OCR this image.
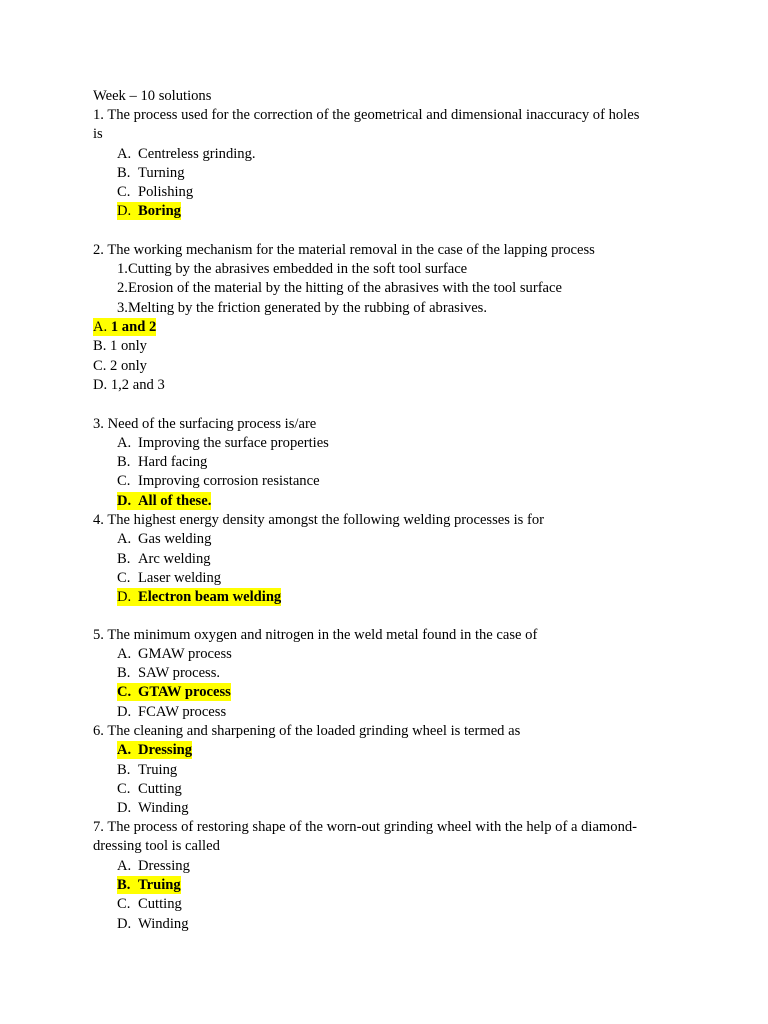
Week – 10 solutions
1. The process used for the correction of the geometrical and dimensional inaccuracy of holes
is
A. Centreless grinding.
B. Turning
C. Polishing
D. Boring
2. The working mechanism for the material removal in the case of the lapping process
1.Cutting by the abrasives embedded in the soft tool surface
2.Erosion of the material by the hitting of the abrasives with the tool surface
3.Melting by the friction generated by the rubbing of abrasives.
A. 1 and 2
B. 1 only
C. 2 only
D. 1,2 and 3
3. Need of the surfacing process is/are
A. Improving the surface properties
B. Hard facing
C. Improving corrosion resistance
D. All of these.
4. The highest energy density amongst the following welding processes is for
A. Gas welding
B. Arc welding
C. Laser welding
D. Electron beam welding
5. The minimum oxygen and nitrogen in the weld metal found in the case of
A. GMAW process
B. SAW process.
C. GTAW process
D. FCAW process
6. The cleaning and sharpening of the loaded grinding wheel is termed as
A. Dressing
B. Truing
C. Cutting
D. Winding
7. The process of restoring shape of the worn-out grinding wheel with the help of a diamond-dressing tool is called
A. Dressing
B. Truing
C. Cutting
D. Winding
